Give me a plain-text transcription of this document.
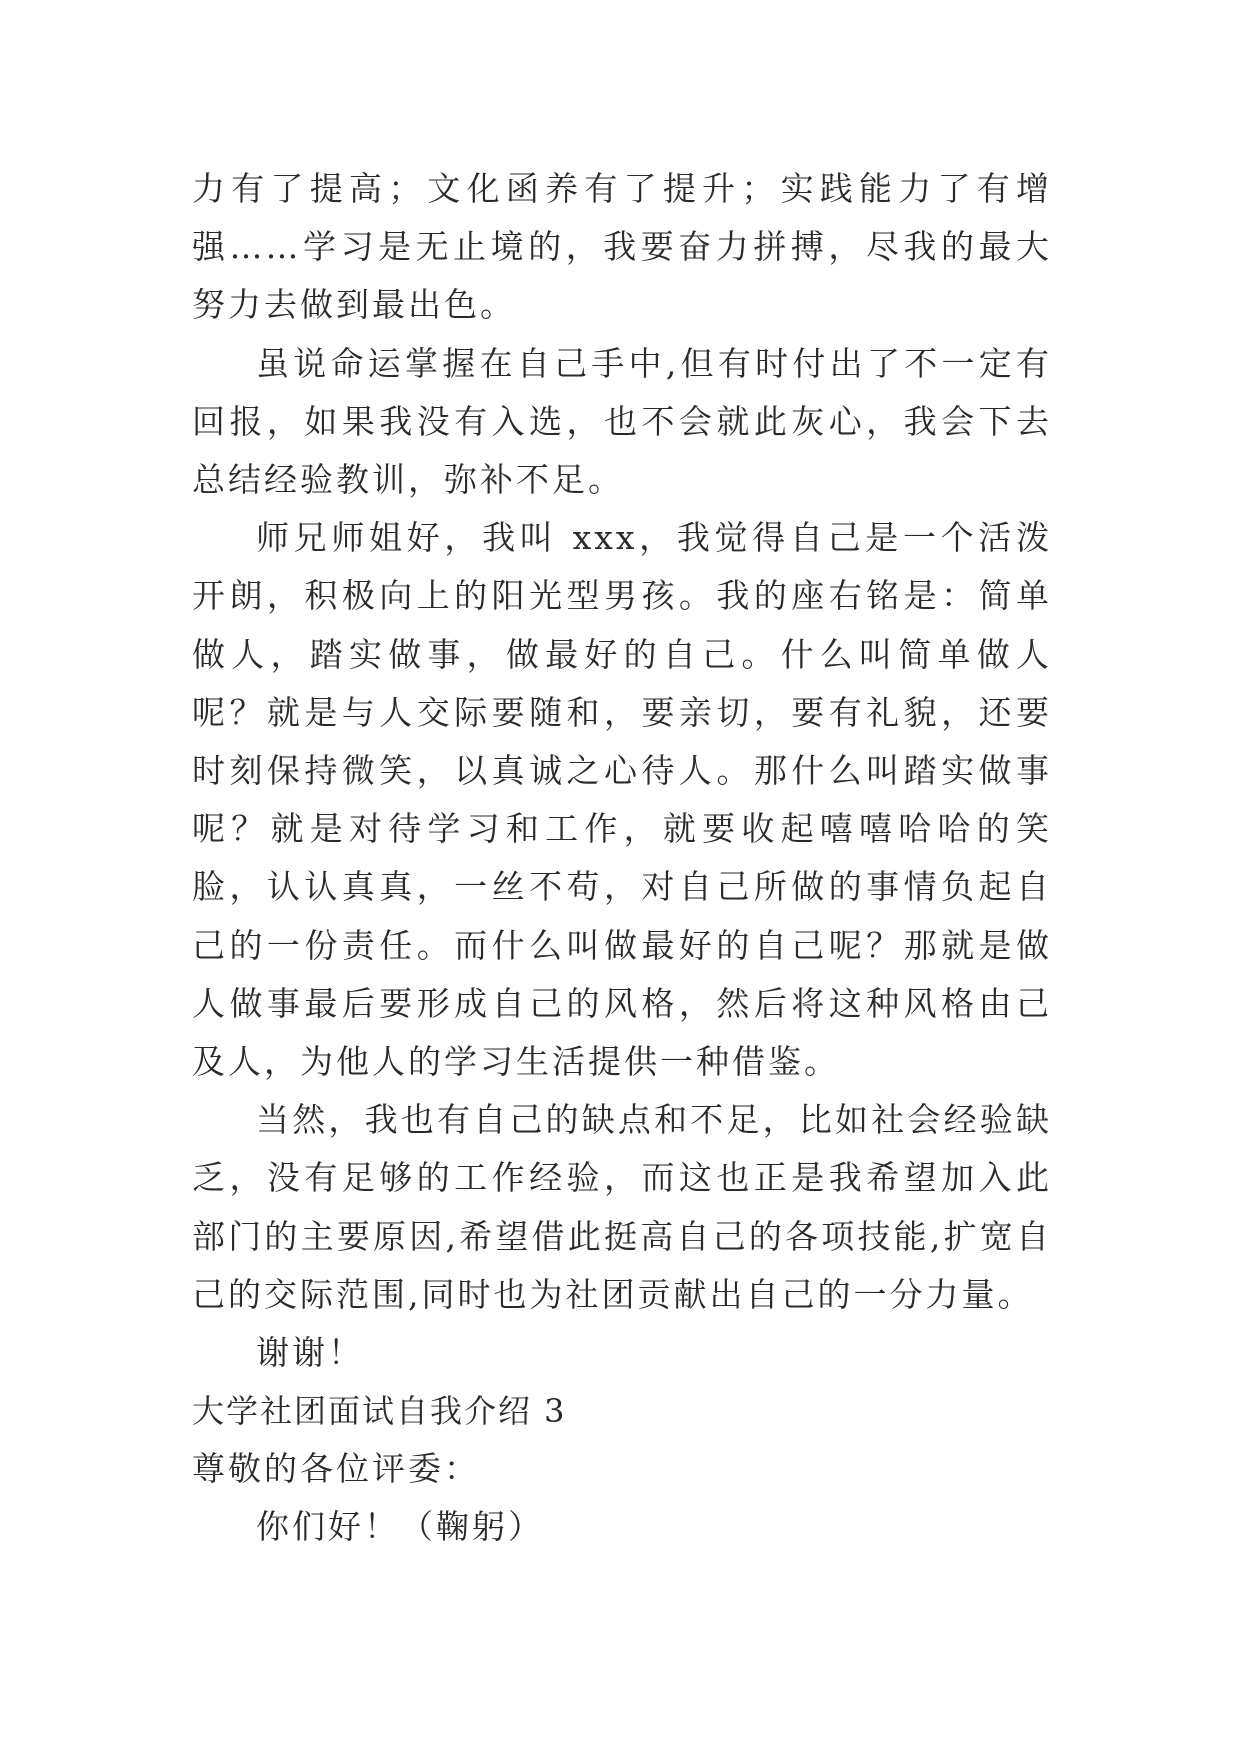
力有了提高；文化函养有了提升；实践能力了有增强……学习是无止境的，我要奋力拼搏，尽我的最大努力去做到最出色。

虽说命运掌握在自己手中,但有时付出了不一定有回报，如果我没有入选，也不会就此灰心，我会下去总结经验教训，弥补不足。

师兄师姐好，我叫 xxx，我觉得自己是一个活泼开朗，积极向上的阳光型男孩。我的座右铭是：简单做人，踏实做事，做最好的自己。什么叫简单做人呢？就是与人交际要随和，要亲切，要有礼貌，还要时刻保持微笑，以真诚之心待人。那什么叫踏实做事呢？就是对待学习和工作，就要收起嘻嘻哈哈的笑脸，认认真真，一丝不苟，对自己所做的事情负起自己的一份责任。而什么叫做最好的自己呢？那就是做人做事最后要形成自己的风格，然后将这种风格由己及人，为他人的学习生活提供一种借鉴。

当然，我也有自己的缺点和不足，比如社会经验缺乏，没有足够的工作经验，而这也正是我希望加入此部门的主要原因,希望借此挺高自己的各项技能,扩宽自己的交际范围,同时也为社团贡献出自己的一分力量。

谢谢！

大学社团面试自我介绍 3

尊敬的各位评委：

你们好！（鞠躬）
